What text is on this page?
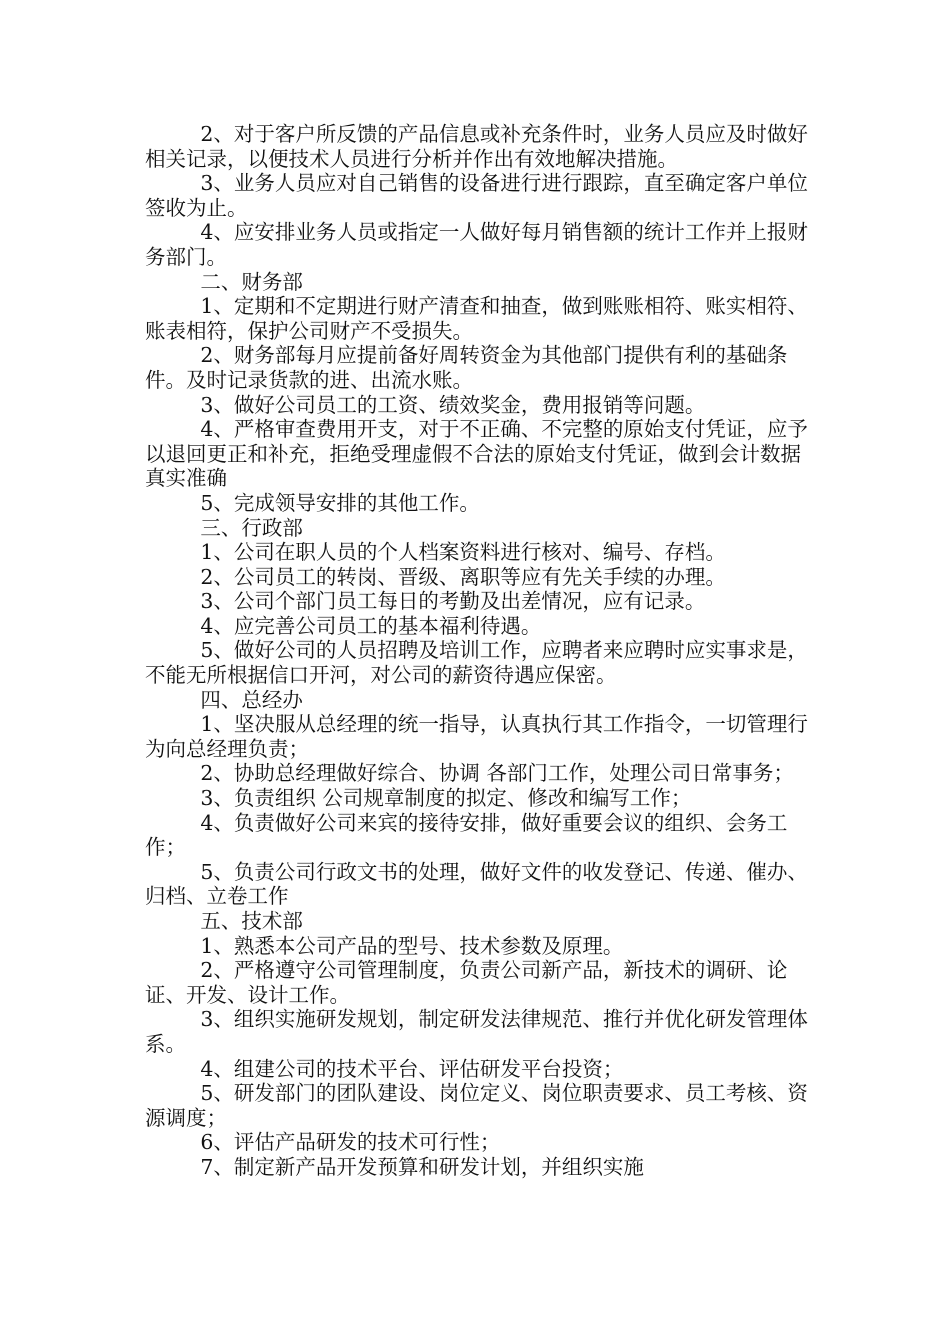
2、对于客户所反馈的产品信息或补充条件时，业务人员应及时做好相关记录，以便技术人员进行分析并作出有效地解决措施。

3、业务人员应对自己销售的设备进行进行跟踪，直至确定客户单位签收为止。

4、应安排业务人员或指定一人做好每月销售额的统计工作并上报财务部门。

二、财务部

1、定期和不定期进行财产清查和抽查，做到账账相符、账实相符、账表相符，保护公司财产不受损失。

2、财务部每月应提前备好周转资金为其他部门提供有利的基础条件。及时记录货款的进、出流水账。

3、做好公司员工的工资、绩效奖金，费用报销等问题。

4、严格审查费用开支，对于不正确、不完整的原始支付凭证，应予以退回更正和补充，拒绝受理虚假不合法的原始支付凭证，做到会计数据真实准确

5、完成领导安排的其他工作。

三、行政部

1、公司在职人员的个人档案资料进行核对、编号、存档。

2、公司员工的转岗、晋级、离职等应有先关手续的办理。

3、公司个部门员工每日的考勤及出差情况，应有记录。

4、应完善公司员工的基本福利待遇。

5、做好公司的人员招聘及培训工作，应聘者来应聘时应实事求是，不能无所根据信口开河，对公司的薪资待遇应保密。

四、总经办

1、坚决服从总经理的统一指导，认真执行其工作指令，一切管理行为向总经理负责；

2、协助总经理做好综合、协调 各部门工作，处理公司日常事务；

3、负责组织 公司规章制度的拟定、修改和编写工作；

4、负责做好公司来宾的接待安排，做好重要会议的组织、会务工作；

5、负责公司行政文书的处理，做好文件的收发登记、传递、催办、归档、立卷工作

五、技术部

1、熟悉本公司产品的型号、技术参数及原理。

2、严格遵守公司管理制度，负责公司新产品，新技术的调研、论证、开发、设计工作。

3、组织实施研发规划，制定研发法律规范、推行并优化研发管理体系。

4、组建公司的技术平台、评估研发平台投资；

5、研发部门的团队建设、岗位定义、岗位职责要求、员工考核、资源调度；

6、评估产品研发的技术可行性；

7、制定新产品开发预算和研发计划，并组织实施
